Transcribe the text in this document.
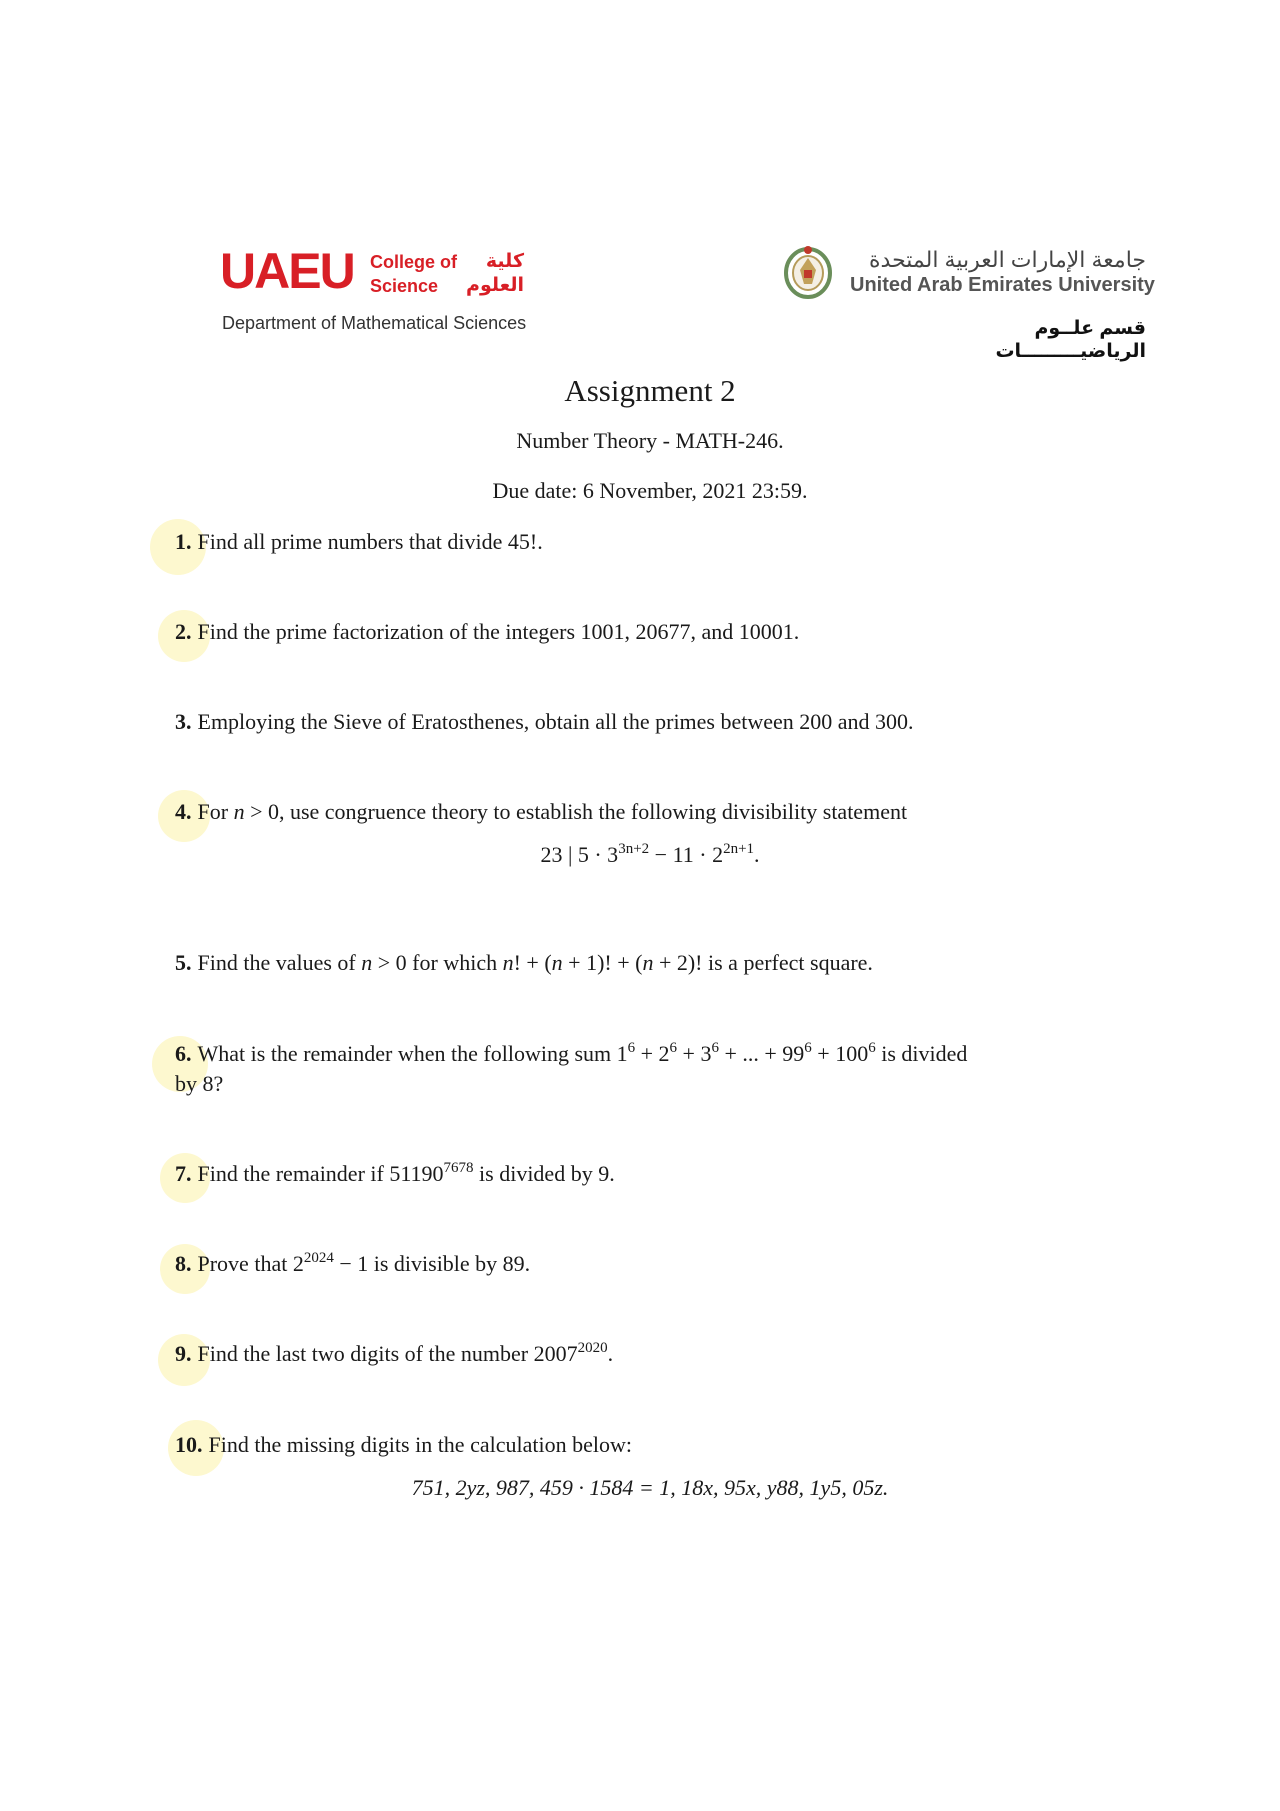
UAEU College of
Science
كلية
العلوم
Department of Mathematical Sciences
جامعة الإمارات العربية المتحدة
United Arab Emirates University
قسم علــوم الرياضيـــــــــات
Assignment 2
Number Theory - MATH-246.
Due date: 6 November, 2021 23:59.
1. Find all prime numbers that divide 45!.
2. Find the prime factorization of the integers 1001, 20677, and 10001.
3. Employing the Sieve of Eratosthenes, obtain all the primes between 200 and 300.
4. For n > 0, use congruence theory to establish the following divisibility statement
23 | $5 \cdot 3^{3n+2} - 11 \cdot 2^{2n+1}$.
5. Find the values of n > 0 for which n! + (n + 1)! + (n + 2)! is a perfect square.
6. What is the remainder when the following sum $1^6 + 2^6 + 3^6$ + ... + $99^6 + 100^6$ is divided
by 8?
7. Find the remainder if $51190^{7678}$ is divided by 9.
8. Prove that $2^{2024} - 1$ is divisible by 89.
9. Find the last two digits of the number $2007^{2020}$.
10. Find the missing digits in the calculation below:
751, 2yz, 987, 459 · 1584 = 1, 18x, 95x, y88, 1y5, 05z.
